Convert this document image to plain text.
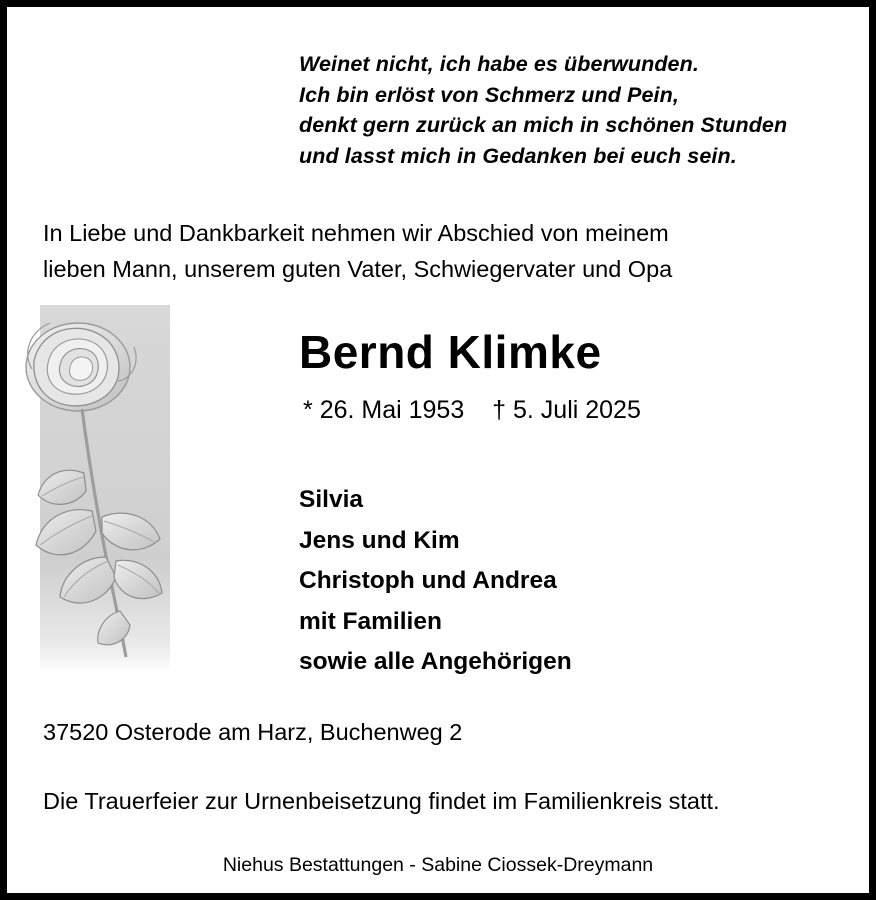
Weinet nicht, ich habe es überwunden.
Ich bin erlöst von Schmerz und Pein,
denkt gern zurück an mich in schönen Stunden
und lasst mich in Gedanken bei euch sein.
In Liebe und Dankbarkeit nehmen wir Abschied von meinem
lieben Mann, unserem guten Vater, Schwiegervater und Opa
Bernd Klimke
* 26. Mai 1953 † 5. Juli 2025
Silvia
Jens und Kim
Christoph und Andrea
mit Familien
sowie alle Angehörigen
37520 Osterode am Harz, Buchenweg 2
Die Trauerfeier zur Urnenbeisetzung findet im Familienkreis statt.
Niehus Bestattungen - Sabine Ciossek-Dreymann
